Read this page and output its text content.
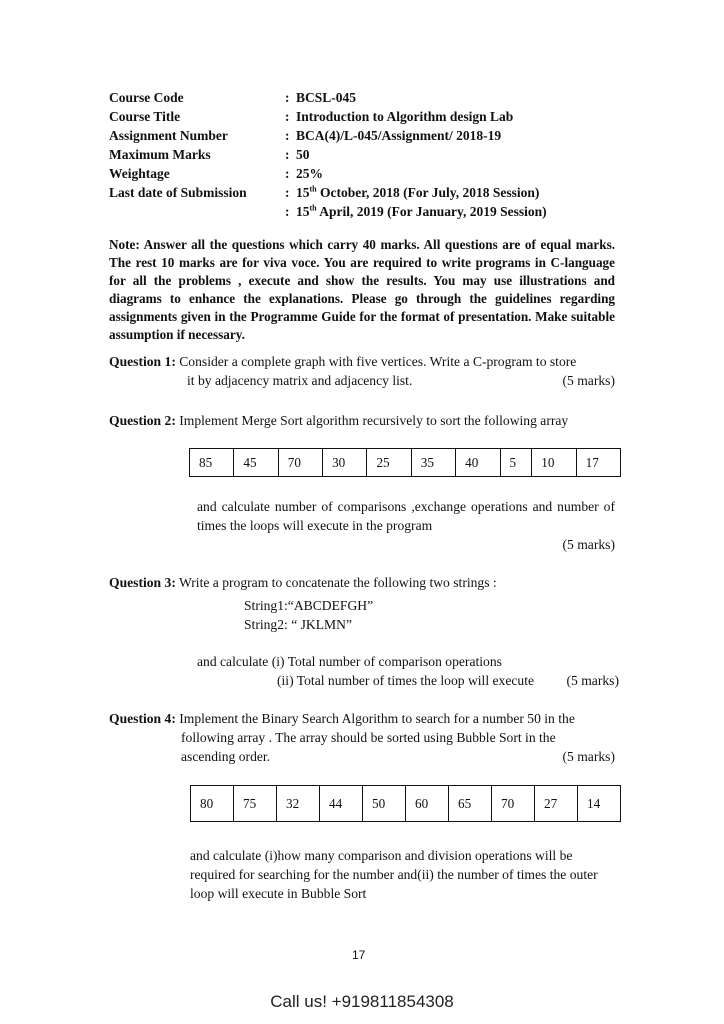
Course Code	: BCSL-045
Course Title	: Introduction to Algorithm design Lab
Assignment Number	: BCA(4)/L-045/Assignment/ 2018-19
Maximum Marks	: 50
Weightage	: 25%
Last date of Submission	: 15th October, 2018 (For July, 2018 Session)
: 15th April, 2019 (For January, 2019 Session)
Note: Answer all the questions which carry 40 marks. All questions are of equal marks. The rest 10 marks are for viva voce. You are required to write programs in C-language for all the problems , execute and show the results. You may use illustrations and diagrams to enhance the explanations. Please go through the guidelines regarding assignments given in the Programme Guide for the format of presentation. Make suitable assumption if necessary.
Question 1: Consider a complete graph with five vertices. Write a C-program to store
it by adjacency matrix and adjacency list.	(5 marks)
Question 2: Implement Merge Sort algorithm recursively to sort the following array
85	45	70	30	25	35	40	5	10	17
and calculate number of comparisons ,exchange operations and number of times the loops will execute in the program
(5 marks)
Question 3: Write a program to concatenate the following two strings :
String1:“ABCDEFGH”
String2: “ JKLMN”
and calculate (i) Total number of comparison operations
(ii) Total number of times the loop will execute (5 marks)
Question 4: Implement the Binary Search Algorithm to search for a number 50 in the
following array . The array should be sorted using Bubble Sort in the
ascending order.	(5 marks)
80	75	32	44	50	60	65	70	27	14
and calculate (i)how many comparison and division operations will be required for searching for the number and(ii) the number of times the outer loop will execute in Bubble Sort
17
Call us! +919811854308
